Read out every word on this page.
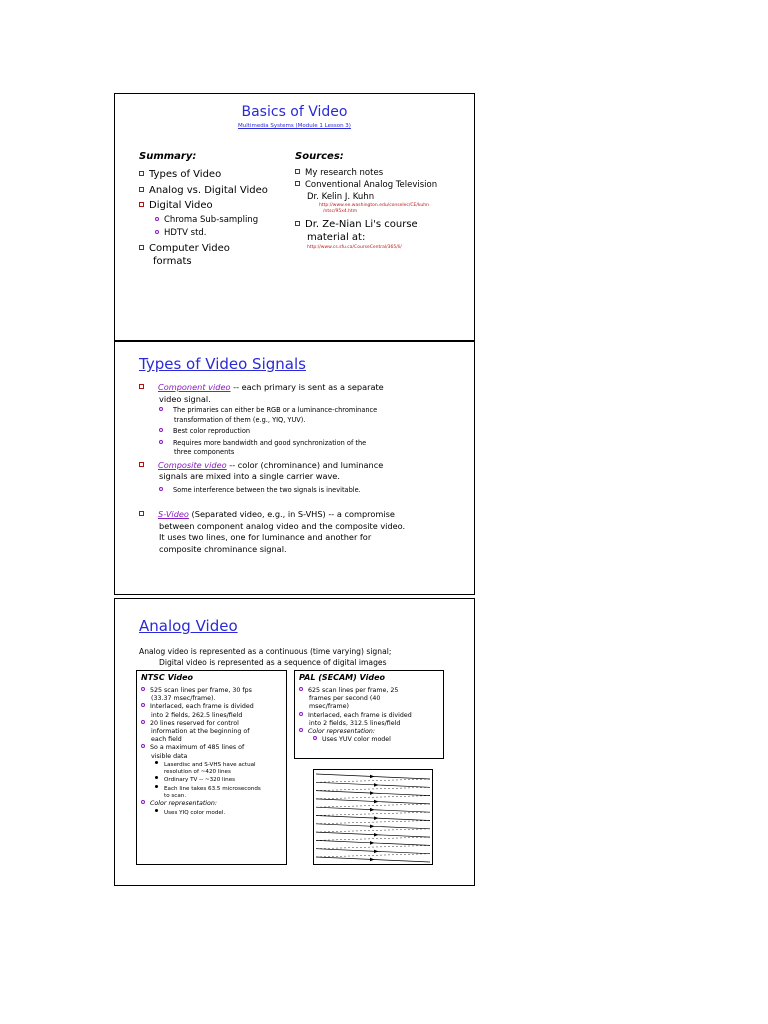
Basics of Video
Multimedia Systems (Module 1 Lesson 3)
Summary:
Types of Video
Analog vs. Digital Video
Digital Video
Chroma Sub-sampling
HDTV std.
Computer Video
formats
Sources:
My research notes
Conventional Analog Television
Dr. Kelin J. Kuhn
http://www.ee.washington.edu/conselec/CE/kuhn
/ntsc/95x4.htm
Dr. Ze-Nian Li's course
material at:
http://www.cs.sfu.ca/CourseCentral/365/li/
Types of Video Signals
Component video -- each primary is sent as a separate
video signal.
The primaries can either be RGB or a luminance-chrominance
transformation of them (e.g., YIQ, YUV).
Best color reproduction
Requires more bandwidth and good synchronization of the
three components
Composite video -- color (chrominance) and luminance
signals are mixed into a single carrier wave.
Some interference between the two signals is inevitable.
S-Video (Separated video, e.g., in S-VHS) -- a compromise
between component analog video and the composite video.
It uses two lines, one for luminance and another for
composite chrominance signal.
Analog Video
Analog video is represented as a continuous (time varying) signal;
Digital video is represented as a sequence of digital images
NTSC Video
525 scan lines per frame, 30 fps
(33.37 msec/frame).
Interlaced, each frame is divided
into 2 fields, 262.5 lines/field
20 lines reserved for control
information at the beginning of
each field
So a maximum of 485 lines of
visible data
Laserdisc and S-VHS have actual
resolution of ~420 lines
Ordinary TV -- ~320 lines
Each line takes 63.5 microseconds
to scan.
Color representation:
Uses YIQ color model.
PAL (SECAM) Video
625 scan lines per frame, 25
frames per second (40
msec/frame)
Interlaced, each frame is divided
into 2 fields, 312.5 lines/field
Color representation:
Uses YUV color model
